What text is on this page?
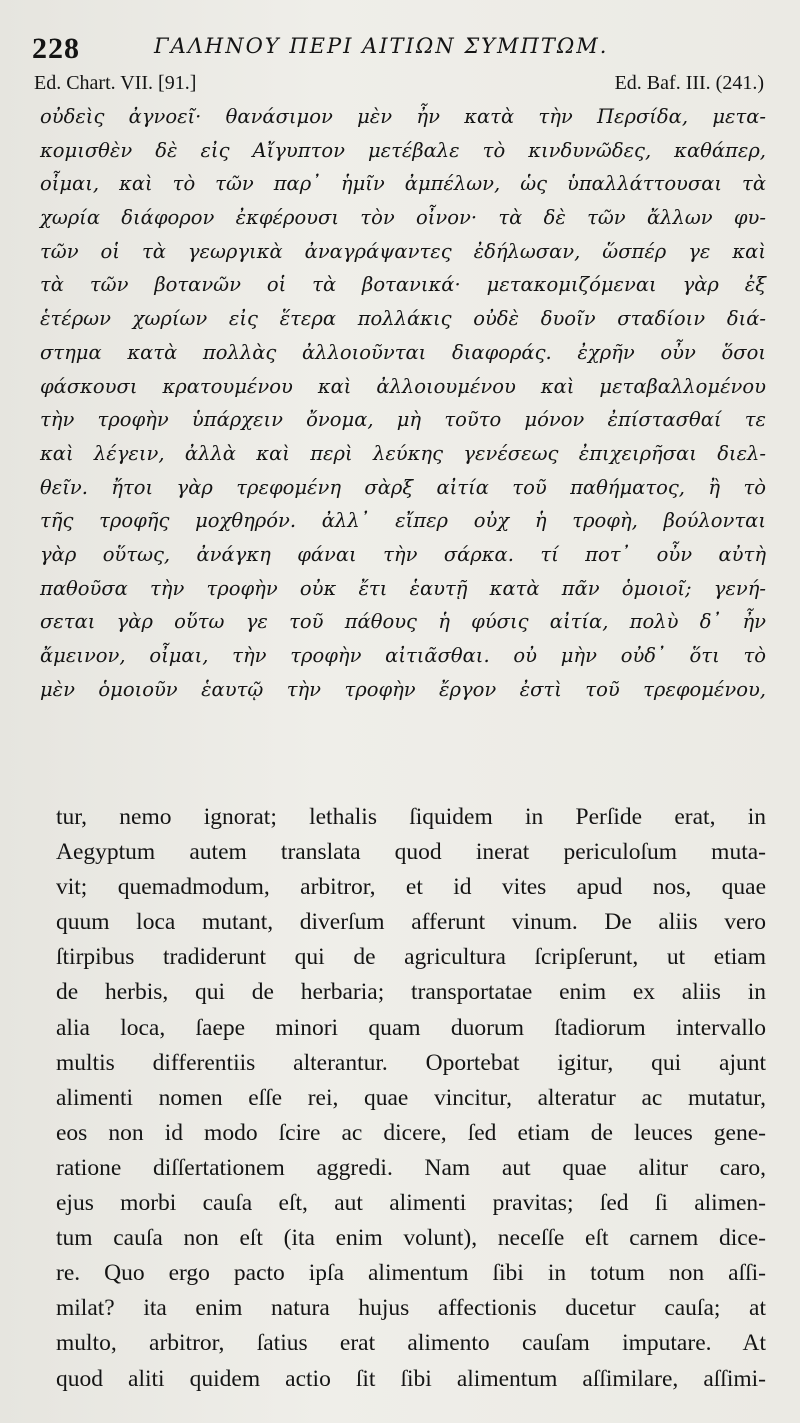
228	ΓΑΛΗΝΟΥ ΠΕΡΙ ΑΙΤΙΩΝ ΣΥΜΠΤΩΜ.
Ed. Chart. VII. [91.]	Ed. Baf. III. (241.)
οὐδεὶς ἀγνοεῖ· θανάσιμον μὲν ἦν κατὰ τὴν Περσίδα, μετα-
κομισθὲν δὲ εἰς Αἴγυπτον μετέβαλε τὸ κινδυνῶδες, καθάπερ,
οἶμαι, καὶ τὸ τῶν παρ᾽ ἡμῖν ἀμπέλων, ὡς ὑπαλλάττουσαι τὰ
χωρία διάφορον ἐκφέρουσι τὸν οἶνον· τὰ δὲ τῶν ἄλλων φυ-
τῶν οἱ τὰ γεωργικὰ ἀναγράψαντες ἐδήλωσαν, ὥσπέρ γε καὶ
τὰ τῶν βοτανῶν οἱ τὰ βοτανικά· μετακομιζόμεναι γὰρ ἐξ
ἑτέρων χωρίων εἰς ἕτερα πολλάκις οὐδὲ δυοῖν σταδίοιν διά-
στημα κατὰ πολλὰς ἀλλοιοῦνται διαφοράς. ἐχρῆν οὖν ὅσοι
φάσκουσι κρατουμένου καὶ ἀλλοιουμένου καὶ μεταβαλλομένου
τὴν τροφὴν ὑπάρχειν ὄνομα, μὴ τοῦτο μόνον ἐπίστασθαί τε
καὶ λέγειν, ἀλλὰ καὶ περὶ λεύκης γενέσεως ἐπιχειρῆσαι διελ-
θεῖν. ἤτοι γὰρ τρεφομένη σὰρξ αἰτία τοῦ παθήματος, ἢ τὸ
τῆς τροφῆς μοχθηρόν. ἀλλ᾽ εἴπερ οὐχ ἡ τροφὴ, βούλονται
γὰρ οὕτως, ἀνάγκη φάναι τὴν σάρκα. τί ποτ᾽ οὖν αὐτὴ
παθοῦσα τὴν τροφὴν οὐκ ἔτι ἑαυτῇ κατὰ πᾶν ὁμοιοῖ; γενή-
σεται γὰρ οὕτω γε τοῦ πάθους ἡ φύσις αἰτία, πολὺ δ᾽ ἦν
ἄμεινον, οἶμαι, τὴν τροφὴν αἰτιᾶσθαι. οὐ μὴν οὐδ᾽ ὅτι τὸ
μὲν ὁμοιοῦν ἑαυτῷ τὴν τροφὴν ἔργον ἐστὶ τοῦ τρεφομένου,
tur, nemo ignorat; lethalis ſiquidem in Perſide erat, in
Aegyptum autem translata quod inerat periculoſum muta-
vit; quemadmodum, arbitror, et id vites apud nos, quae
quum loca mutant, diverſum afferunt vinum. De aliis vero
ſtirpibus tradiderunt qui de agricultura ſcripſerunt, ut etiam
de herbis, qui de herbaria; transportatae enim ex aliis in
alia loca, ſaepe minori quam duorum ſtadiorum intervallo
multis differentiis alterantur. Oportebat igitur, qui ajunt
alimenti nomen eſſe rei, quae vincitur, alteratur ac mutatur,
eos non id modo ſcire ac dicere, ſed etiam de leuces gene-
ratione diſſertationem aggredi. Nam aut quae alitur caro,
ejus morbi cauſa eſt, aut alimenti pravitas; ſed ſi alimen-
tum cauſa non eſt (ita enim volunt), neceſſe eſt carnem dice-
re. Quo ergo pacto ipſa alimentum ſibi in totum non aſſi-
milat? ita enim natura hujus affectionis ducetur cauſa; at
multo, arbitror, ſatius erat alimento cauſam imputare. At
quod aliti quidem actio ſit ſibi alimentum aſſimilare, aſſimi-
